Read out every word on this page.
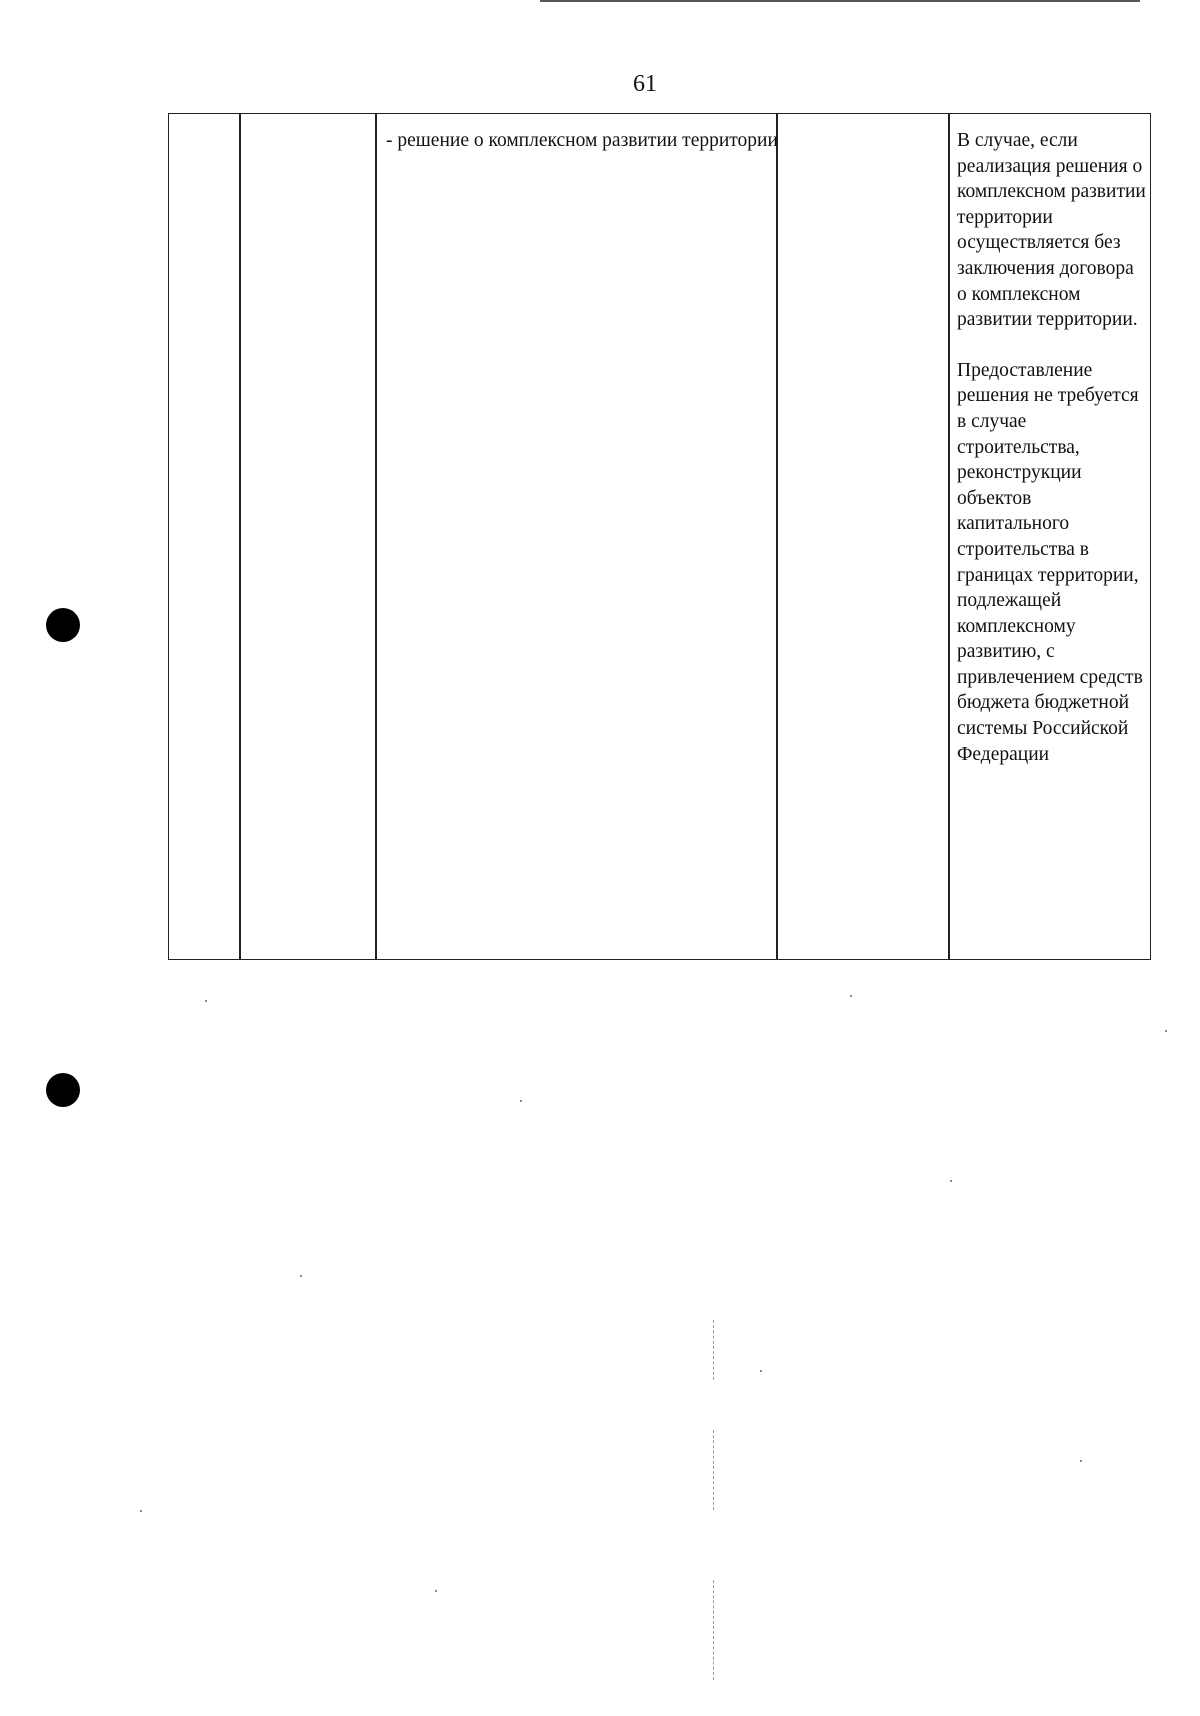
61
- решение о комплексном развитии территории	В случае, если реализация решения о комплексном развитии территории осуществляется без заключения договора о комплексном развитии территории.

Предоставление решения не требуется в случае строительства, реконструкции объектов капитального строительства в границах территории, подлежащей комплексному развитию, с привлечением средств бюджета бюджетной системы Российской Федерации
